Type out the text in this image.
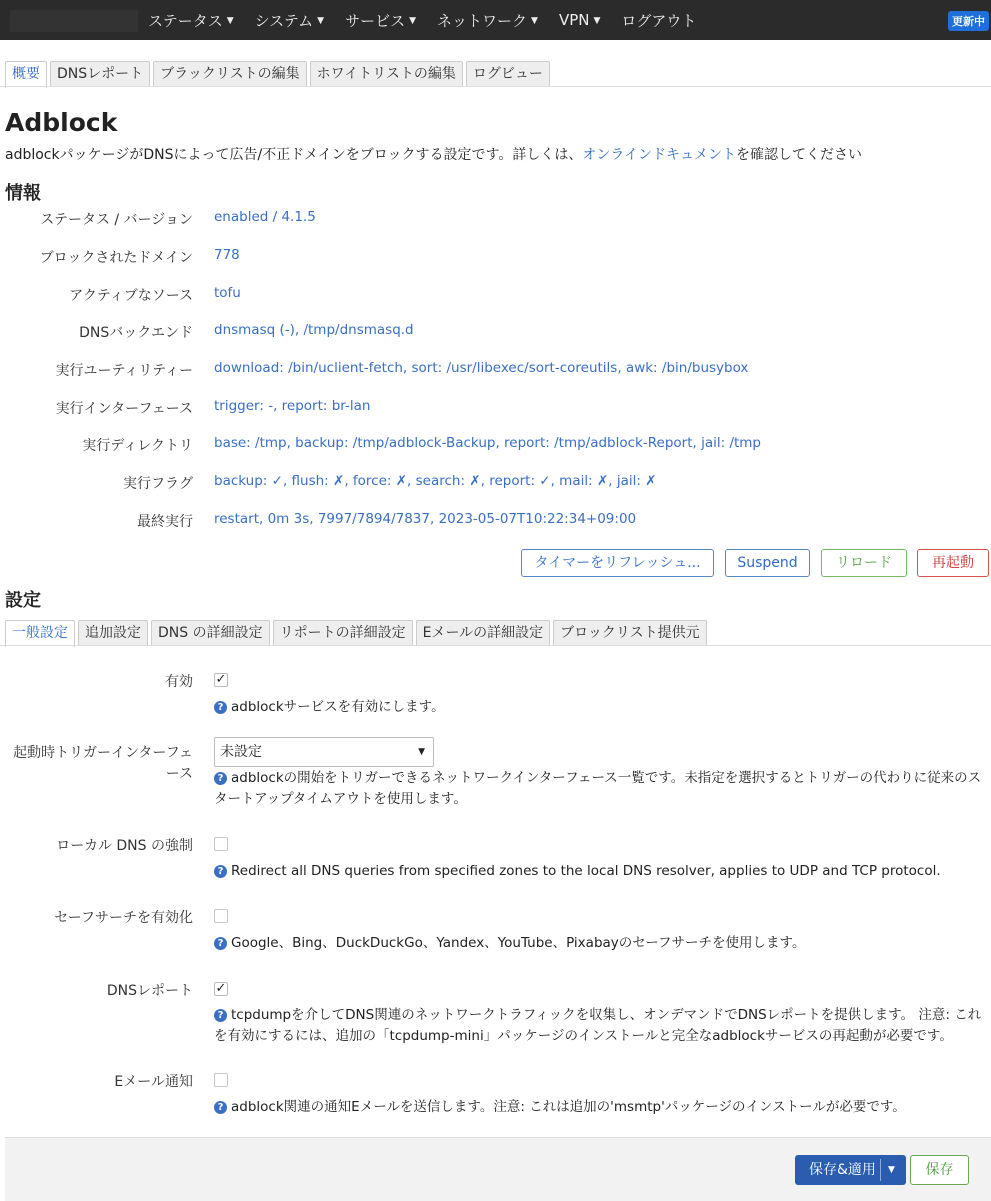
ステータス ▼ システム ▼ サービス ▼ ネットワーク ▼ VPN ▼ ログアウト	更新中
概要	DNSレポート	ブラックリストの編集	ホワイトリストの編集	ログビュー
Adblock
adblockパッケージがDNSによって広告/不正ドメインをブロックする設定です。詳しくは、オンラインドキュメントを確認してください
情報
ステータス / バージョン enabled / 4.1.5
ブロックされたドメイン 778
アクティブなソース tofu
DNSバックエンド dnsmasq (-), /tmp/dnsmasq.d
実行ユーティリティー download: /bin/uclient-fetch, sort: /usr/libexec/sort-coreutils, awk: /bin/busybox
実行インターフェース trigger: -, report: br-lan
実行ディレクトリ base: /tmp, backup: /tmp/adblock-Backup, report: /tmp/adblock-Report, jail: /tmp
実行フラグ backup: ✓, flush: ✗, force: ✗, search: ✗, report: ✓, mail: ✗, jail: ✗
最終実行 restart, 0m 3s, 7997/7894/7837, 2023-05-07T10:22:34+09:00
タイマーをリフレッシュ...	Suspend	リロード	再起動
設定
一般設定	追加設定	DNS の詳細設定	リポートの詳細設定	Eメールの詳細設定	ブロックリスト提供元
有効 ✓
? adblockサービスを有効にします。
起動時トリガーインターフェ
ース
未設定	▼
? adblockの開始をトリガーできるネットワークインターフェース一覧です。未指定を選択するとトリガーの代わりに従来のス
タートアップタイムアウトを使用します。
ローカル DNS の強制
? Redirect all DNS queries from specified zones to the local DNS resolver, applies to UDP and TCP protocol.
セーフサーチを有効化
? Google、Bing、DuckDuckGo、Yandex、YouTube、Pixabayのセーフサーチを使用します。
DNSレポート ✓
? tcpdumpを介してDNS関連のネットワークトラフィックを収集し、オンデマンドでDNSレポートを提供します。 注意: これ
を有効にするには、追加の「tcpdump-mini」パッケージのインストールと完全なadblockサービスの再起動が必要です。
Eメール通知
? adblock関連の通知Eメールを送信します。注意: これは追加の'msmtp'パッケージのインストールが必要です。
保存&適用 ▼	保存
